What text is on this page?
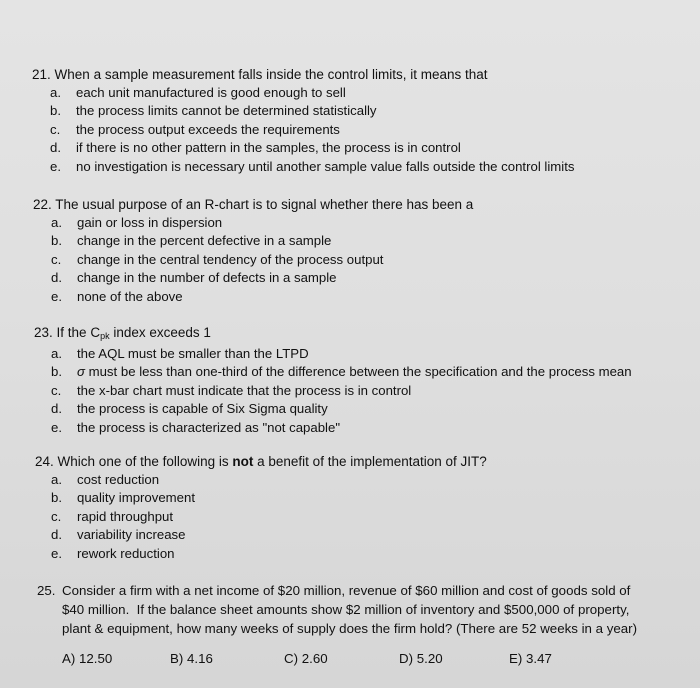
21. When a sample measurement falls inside the control limits, it means that
a.	each unit manufactured is good enough to sell
b.	the process limits cannot be determined statistically
c.	the process output exceeds the requirements
d.	if there is no other pattern in the samples, the process is in control
e.	no investigation is necessary until another sample value falls outside the control limits
22. The usual purpose of an R-chart is to signal whether there has been a
a.	gain or loss in dispersion
b.	change in the percent defective in a sample
c.	change in the central tendency of the process output
d.	change in the number of defects in a sample
e.	none of the above
23. If the $C_{pk}$ index exceeds 1
a.	the AQL must be smaller than the LTPD
b.	σ must be less than one-third of the difference between the specification and the process mean
c.	the x-bar chart must indicate that the process is in control
d.	the process is capable of Six Sigma quality
e.	the process is characterized as "not capable"
24. Which one of the following is not a benefit of the implementation of JIT?
a.	cost reduction
b.	quality improvement
c.	rapid throughput
d.	variability increase
e.	rework reduction
25. Consider a firm with a net income of $20 million, revenue of $60 million and cost of goods sold of
$40 million.  If the balance sheet amounts show $2 million of inventory and $500,000 of property,
plant & equipment, how many weeks of supply does the firm hold? (There are 52 weeks in a year)
A) 12.50	B) 4.16	C) 2.60	D) 5.20	E) 3.47
